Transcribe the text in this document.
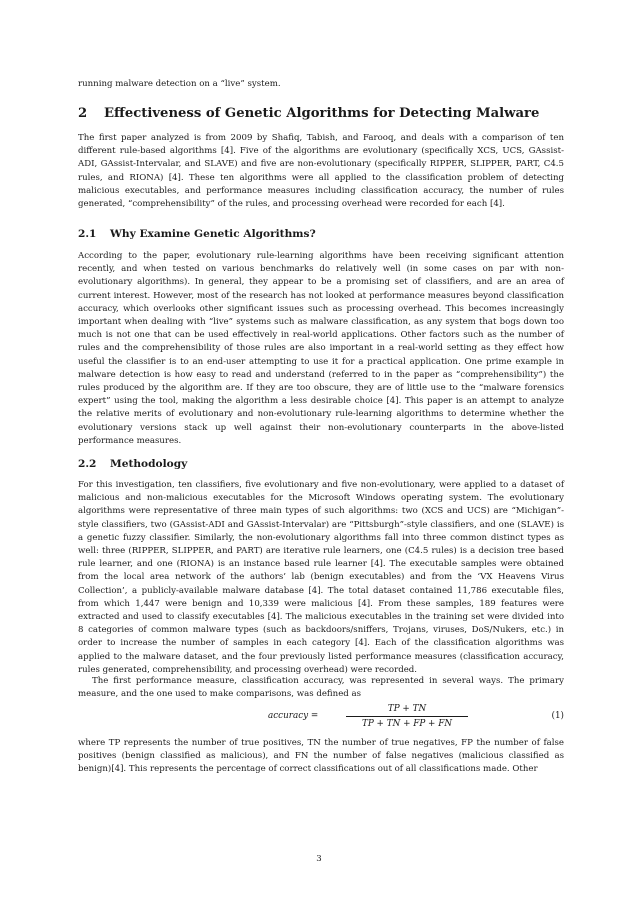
running malware detection on a “live” system.

2 Effectiveness of Genetic Algorithms for Detecting Malware

The first paper analyzed is from 2009 by Shafiq, Tabish, and Farooq, and deals with a comparison of ten different rule-based algorithms [4]. Five of the algorithms are evolutionary (specifically XCS, UCS, GAssist-ADI, GAssist-Intervalar, and SLAVE) and five are non-evolutionary (specifically RIPPER, SLIPPER, PART, C4.5 rules, and RIONA) [4]. These ten algorithms were all applied to the classification problem of detecting malicious executables, and performance measures including classification accuracy, the number of rules generated, “comprehensibility” of the rules, and processing overhead were recorded for each [4].

2.1 Why Examine Genetic Algorithms?

According to the paper, evolutionary rule-learning algorithms have been receiving significant attention recently, and when tested on various benchmarks do relatively well (in some cases on par with non-evolutionary algorithms). In general, they appear to be a promising set of classifiers, and are an area of current interest. However, most of the research has not looked at performance measures beyond classification accuracy, which overlooks other significant issues such as processing overhead. This becomes increasingly important when dealing with “live” systems such as malware classification, as any system that bogs down too much is not one that can be used effectively in real-world applications. Other factors such as the number of rules and the comprehensibility of those rules are also important in a real-world setting as they effect how useful the classifier is to an end-user attempting to use it for a practical application. One prime example in malware detection is how easy to read and understand (referred to in the paper as “comprehensibility”) the rules produced by the algorithm are. If they are too obscure, they are of little use to the “malware forensics expert” using the tool, making the algorithm a less desirable choice [4]. This paper is an attempt to analyze the relative merits of evolutionary and non-evolutionary rule-learning algorithms to determine whether the evolutionary versions stack up well against their non-evolutionary counterparts in the above-listed performance measures.

2.2 Methodology

For this investigation, ten classifiers, five evolutionary and five non-evolutionary, were applied to a dataset of malicious and non-malicious executables for the Microsoft Windows operating system. The evolutionary algorithms were representative of three main types of such algorithms: two (XCS and UCS) are “Michigan”-style classifiers, two (GAssist-ADI and GAssist-Intervalar) are “Pittsburgh”-style classifiers, and one (SLAVE) is a genetic fuzzy classifier. Similarly, the non-evolutionary algorithms fall into three common distinct types as well: three (RIPPER, SLIPPER, and PART) are iterative rule learners, one (C4.5 rules) is a decision tree based rule learner, and one (RIONA) is an instance based rule learner [4]. The executable samples were obtained from the local area network of the authors’ lab (benign executables) and from the ‘VX Heavens Virus Collection’, a publicly-available malware database [4]. The total dataset contained 11,786 executable files, from which 1,447 were benign and 10,339 were malicious [4]. From these samples, 189 features were extracted and used to classify executables [4]. The malicious executables in the training set were divided into 8 categories of common malware types (such as backdoors/sniffers, Trojans, viruses, DoS/Nukers, etc.) in order to increase the number of samples in each category [4]. Each of the classification algorithms was applied to the malware dataset, and the four previously listed performance measures (classification accuracy, rules generated, comprehensibility, and processing overhead) were recorded.

The first performance measure, classification accuracy, was represented in several ways. The primary measure, and the one used to make comparisons, was defined as

accuracy =
TP + TN
TP + TN + FP + FN
(1)

where TP represents the number of true positives, TN the number of true negatives, FP the number of false positives (benign classified as malicious), and FN the number of false negatives (malicious classified as benign)[4]. This represents the percentage of correct classifications out of all classifications made. Other

3
